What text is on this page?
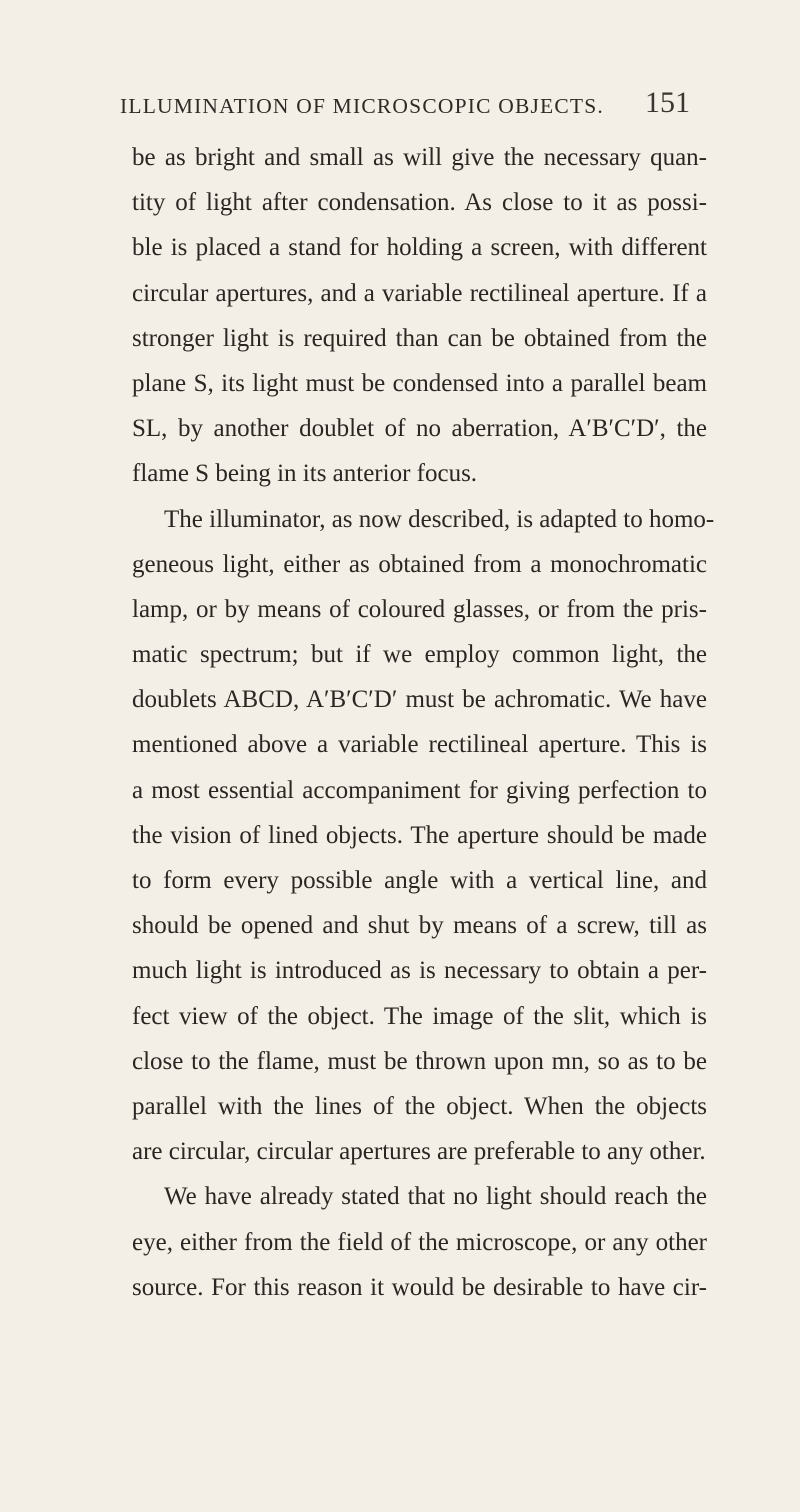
ILLUMINATION OF MICROSCOPIC OBJECTS. 151
be as bright and small as will give the necessary quan-
tity of light after condensation. As close to it as possi-
ble is placed a stand for holding a screen, with different
circular apertures, and a variable rectilineal aperture. If a
stronger light is required than can be obtained from the
plane S, its light must be condensed into a parallel beam
SL, by another doublet of no aberration, A′B′C′D′, the
flame S being in its anterior focus.
The illuminator, as now described, is adapted to homo-
geneous light, either as obtained from a monochromatic
lamp, or by means of coloured glasses, or from the pris-
matic spectrum; but if we employ common light, the
doublets ABCD, A′B′C′D′ must be achromatic. We have
mentioned above a variable rectilineal aperture. This is
a most essential accompaniment for giving perfection to
the vision of lined objects. The aperture should be made
to form every possible angle with a vertical line, and
should be opened and shut by means of a screw, till as
much light is introduced as is necessary to obtain a per-
fect view of the object. The image of the slit, which is
close to the flame, must be thrown upon mn, so as to be
parallel with the lines of the object. When the objects
are circular, circular apertures are preferable to any other.
We have already stated that no light should reach the
eye, either from the field of the microscope, or any other
source. For this reason it would be desirable to have cir-
